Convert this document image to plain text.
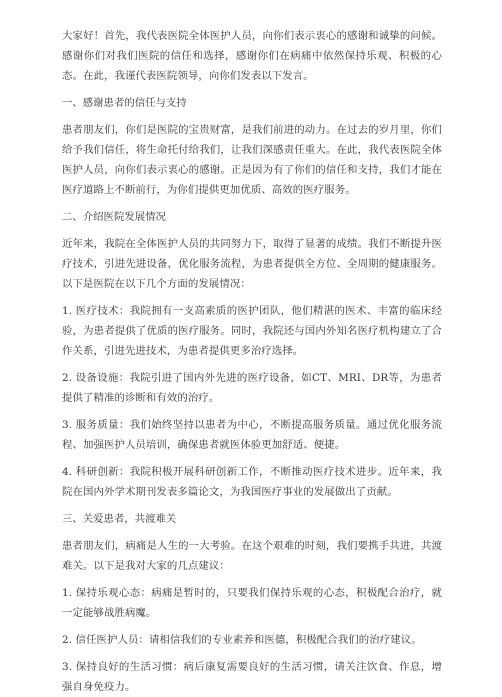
大家好！首先，我代表医院全体医护人员，向你们表示衷心的感谢和诚挚的问候。感谢你们对我们医院的信任和选择，感谢你们在病痛中依然保持乐观、积极的心态。在此，我谨代表医院领导，向你们发表以下发言。

一、感谢患者的信任与支持

患者朋友们，你们是医院的宝贵财富，是我们前进的动力。在过去的岁月里，你们给予我们信任，将生命托付给我们，让我们深感责任重大。在此，我代表医院全体医护人员，向你们表示衷心的感谢。正是因为有了你们的信任和支持，我们才能在医疗道路上不断前行，为你们提供更加优质、高效的医疗服务。

二、介绍医院发展情况

近年来，我院在全体医护人员的共同努力下，取得了显著的成绩。我们不断提升医疗技术，引进先进设备，优化服务流程，为患者提供全方位、全周期的健康服务。以下是医院在以下几个方面的发展情况：

1. 医疗技术：我院拥有一支高素质的医护团队，他们精湛的医术、丰富的临床经验，为患者提供了优质的医疗服务。同时，我院还与国内外知名医疗机构建立了合作关系，引进先进技术，为患者提供更多治疗选择。

2. 设备设施：我院引进了国内外先进的医疗设备，如CT、MRI、DR等，为患者提供了精准的诊断和有效的治疗。

3. 服务质量：我们始终坚持以患者为中心，不断提高服务质量。通过优化服务流程、加强医护人员培训，确保患者就医体验更加舒适、便捷。

4. 科研创新：我院积极开展科研创新工作，不断推动医疗技术进步。近年来，我院在国内外学术期刊发表多篇论文，为我国医疗事业的发展做出了贡献。

三、关爱患者，共渡难关

患者朋友们，病痛是人生的一大考验。在这个艰难的时刻，我们要携手共进，共渡难关。以下是我对大家的几点建议：

1. 保持乐观心态：病痛是暂时的，只要我们保持乐观的心态，积极配合治疗，就一定能够战胜病魔。

2. 信任医护人员：请相信我们的专业素养和医德，积极配合我们的治疗建议。

3. 保持良好的生活习惯：病后康复需要良好的生活习惯，请关注饮食、作息，增强自身免疫力。
